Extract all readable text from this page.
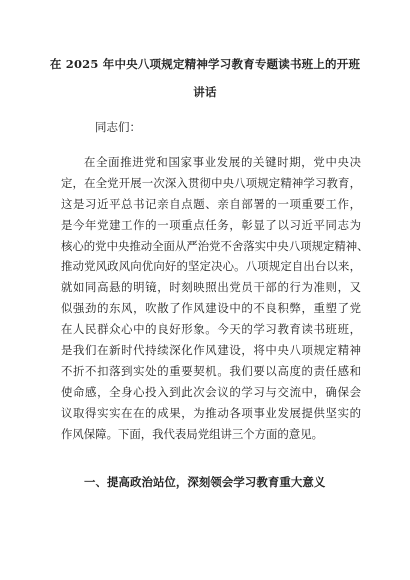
在 2025 年中央八项规定精神学习教育专题读书班上的开班
讲话
同志们：
在全面推进党和国家事业发展的关键时期，党中央决
定，在全党开展一次深入贯彻中央八项规定精神学习教育，
这是习近平总书记亲自点题、亲自部署的一项重要工作，
是今年党建工作的一项重点任务，彰显了以习近平同志为
核心的党中央推动全面从严治党不舍落实中央八项规定精神、
推动党风政风向优向好的坚定决心。八项规定自出台以来，
就如同高悬的明镜，时刻映照出党员干部的行为准则，又
似强劲的东风，吹散了作风建设中的不良积弊，重塑了党
在人民群众心中的良好形象。今天的学习教育读书班班，
是我们在新时代持续深化作风建设，将中央八项规定精神
不折不扣落到实处的重要契机。我们要以高度的责任感和
使命感，全身心投入到此次会议的学习与交流中，确保会
议取得实实在在的成果，为推动各项事业发展提供坚实的
作风保障。下面，我代表局党组讲三个方面的意见。
一、提高政治站位，深刻领会学习教育重大意义
